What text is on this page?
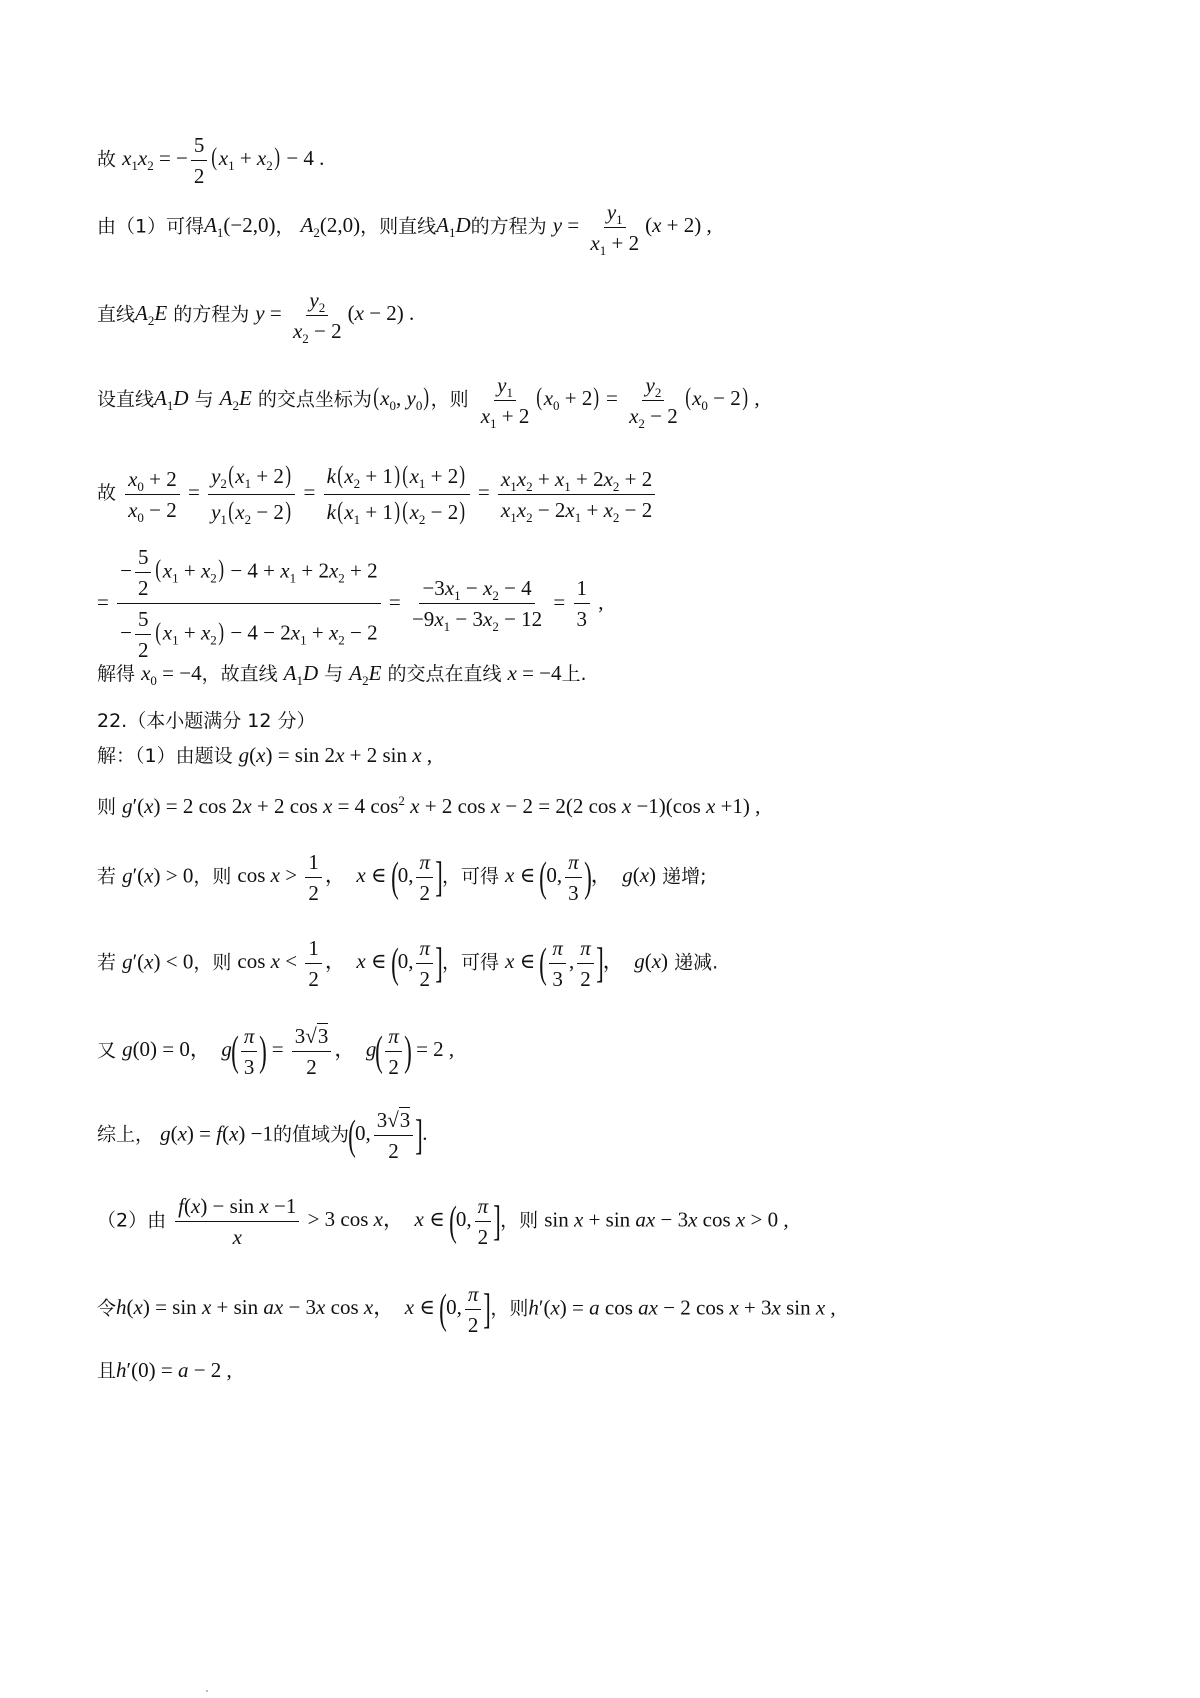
故 $x_1x_2$ = − $\frac{5}{2} (x_1 + x_2) - 4$ .
由（1）可得$A_1(-2,0)$， $A_2(2,0)$，则直线$A_1D$的方程为 $y = \frac{y_1}{x_1 + 2} (x + 2)$ ,
直线$A_2E$ 的方程为 $y = \frac{y_2}{x_2 - 2} (x - 2)$ .
设直线$A_1D$ 与 $A_2E$ 的交点坐标为($x_0$, $y_0$)，则 $\frac{y_1}{x_1 + 2} (x_0 + 2) = \frac{y_2}{x_2 - 2} (x_0 - 2)$ ,
故 $\frac{x_0 + 2}{x_0 - 2} = \frac{y_2(x_1 + 2)}{y_1(x_2 - 2)} = \frac{k(x_2 + 1)(x_1 + 2)}{k(x_1 + 1)(x_2 - 2)} = \frac{x_1x_2 + x_1 + 2x_2 + 2}{x_1x_2 - 2x_1 + x_2 - 2}$
= $\frac{- \frac{5}{2} (x_1 + x_2) - 4 + x_1 + 2x_2 + 2}{- \frac{5}{2} (x_1 + x_2) - 4 - 2x_1 + x_2 - 2} = \frac{-3x_1 - x_2 - 4}{-9x_1 - 3x_2 - 12} = \frac{1}{3}$ ,
解得 $x_0 = -4$，故直线 $A_1D$ 与 $A_2E$ 的交点在直线 x = −4上.
22.（本小题满分 12 分）
解：（1）由题设 g(x) = sin 2x + 2 sin x ,
则 g′(x) = 2 cos 2x + 2 cos x = 4 $\cos^2 x + 2$ cos x − 2 = 2(2 cos x −1)(cos x +1) ,
若 g′(x) > 0，则 $\cos x > \frac{1}{2}$ ，  x ∈ (0, $\frac{\pi}{2}$ ]，可得 x ∈ (0, $\frac{\pi}{3}$ )，  g(x) 递增;
若 g′(x) < 0，则 $\cos x < \frac{1}{2}$ ，  x ∈ (0, $\frac{\pi}{2}$ ]，可得 x ∈ ( $\frac{\pi}{3}$ , $\frac{\pi}{2}$ ]，  g(x) 递减.
又 g(0) = 0，  $g( \frac{\pi}{3}$ ) = $\frac{3√3}{2}$ ，  $g( \frac{\pi}{2}$ ) = 2 ,
综上， g(x) = f(x) −1的值域为(0, $\frac{3√3}{2}$ ].
（2）由 $\frac{\text{f(x) − sin x −1}}{x} > 3$ cos x，  x ∈ (0, $\frac{\pi}{2}$ ]，则 sin x + sin ax − 3x cos x > 0 ,
令h(x) = sin x + sin ax − 3x cos x，  x ∈ (0, $\frac{\pi}{2}$ ]，则h′(x) = a cos ax − 2 cos x + 3x sin x ,
且h′(0) = a − 2 ,
